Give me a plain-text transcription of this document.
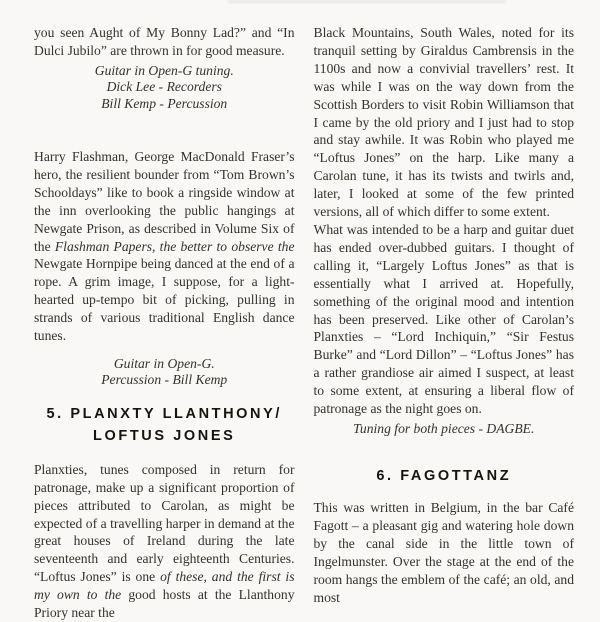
you seen Aught of My Bonny Lad?” and “In Dulci Jubilo” are thrown in for good measure.

Guitar in Open-G tuning.
Dick Lee - Recorders
Bill Kemp - Percussion

Harry Flashman, George MacDonald Fraser’s hero, the resilient bounder from “Tom Brown’s Schooldays” like to book a ringside window at the inn overlooking the public hangings at Newgate Prison, as described in Volume Six of the Flashman Papers, the better to observe the Newgate Hornpipe being danced at the end of a rope. A grim image, I suppose, for a light-hearted up-tempo bit of picking, pulling in strands of various traditional English dance tunes.

Guitar in Open-G.
Percussion - Bill Kemp
5. PLANXTY LLANTHONY/
LOFTUS JONES

Planxties, tunes composed in return for patronage, make up a significant proportion of pieces attributed to Carolan, as might be expected of a travelling harper in demand at the great houses of Ireland during the late seventeenth and early eighteenth Centuries. “Loftus Jones” is one of these, and the first is my own to the good hosts at the Llanthony Priory near the

Black Mountains, South Wales, noted for its tranquil setting by Giraldus Cambrensis in the 1100s and now a convivial travellers’ rest. It was while I was on the way down from the Scottish Borders to visit Robin Williamson that I came by the old priory and I just had to stop and stay awhile. It was Robin who played me “Loftus Jones” on the harp. Like many a Carolan tune, it has its twists and twirls and, later, I looked at some of the few printed versions, all of which differ to some extent.

What was intended to be a harp and guitar duet has ended over-dubbed guitars. I thought of calling it, “Largely Loftus Jones” as that is essentially what I arrived at. Hopefully, something of the original mood and intention has been preserved. Like other of Carolan’s Planxties – “Lord Inchiquin,” “Sir Festus Burke” and “Lord Dillon” – “Loftus Jones” has a rather grandiose air aimed I suspect, at least to some extent, at ensuring a liberal flow of patronage as the night goes on.

Tuning for both pieces - DAGBE.
6. FAGOTTANZ

This was written in Belgium, in the bar Café Fagott – a pleasant gig and watering hole down by the canal side in the little town of Ingelmunster. Over the stage at the end of the room hangs the emblem of the café; an old, and most
